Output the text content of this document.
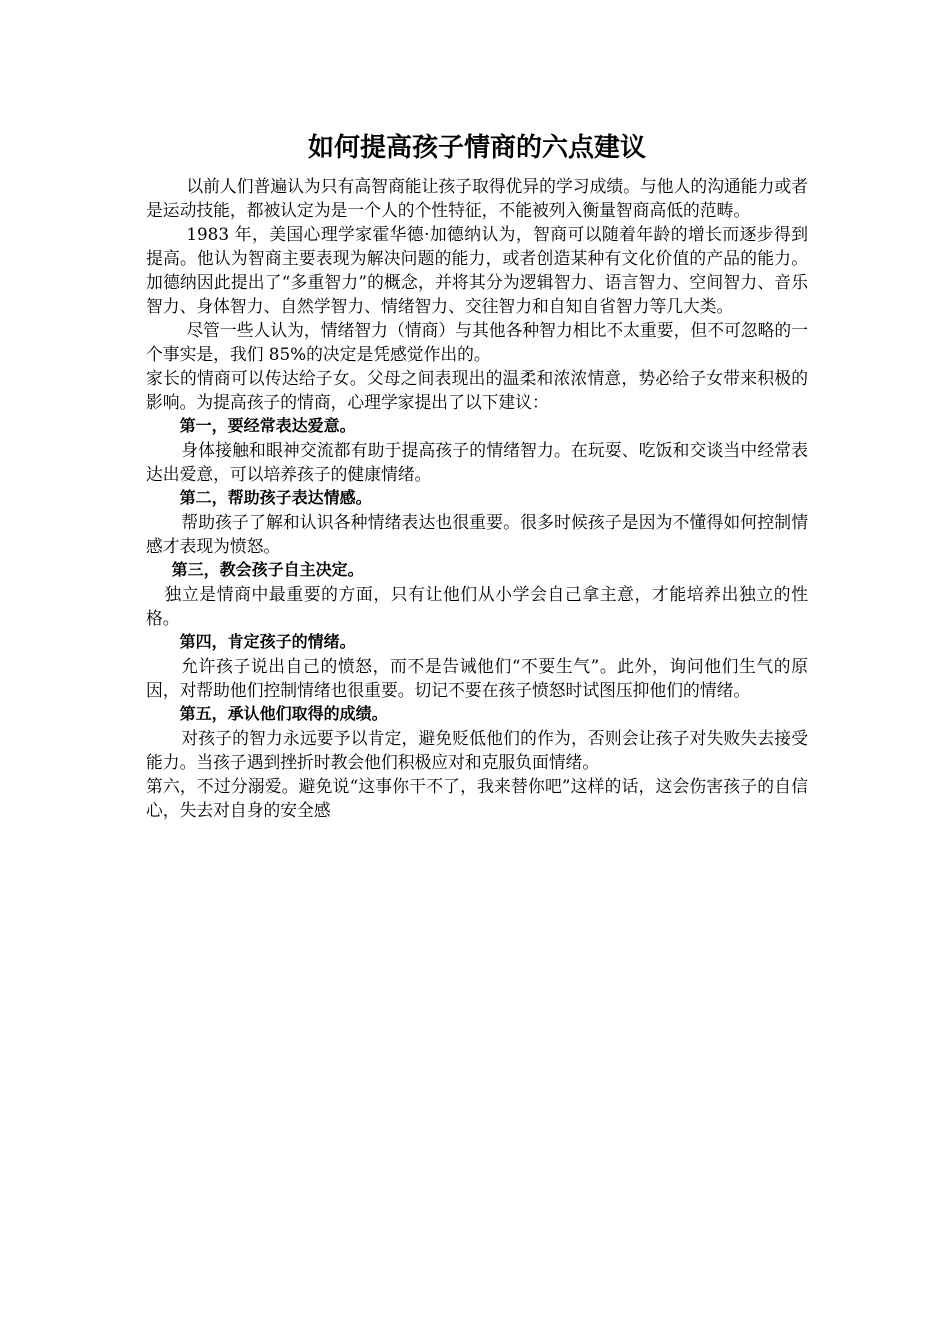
如何提高孩子情商的六点建议

以前人们普遍认为只有高智商能让孩子取得优异的学习成绩。与他人的沟通能力或者是运动技能，都被认定为是一个人的个性特征，不能被列入衡量智商高低的范畴。

1983 年，美国心理学家霍华德·加德纳认为，智商可以随着年龄的增长而逐步得到提高。他认为智商主要表现为解决问题的能力，或者创造某种有文化价值的产品的能力。加德纳因此提出了“多重智力”的概念，并将其分为逻辑智力、语言智力、空间智力、音乐智力、身体智力、自然学智力、情绪智力、交往智力和自知自省智力等几大类。

尽管一些人认为，情绪智力（情商）与其他各种智力相比不太重要，但不可忽略的一个事实是，我们 85%的决定是凭感觉作出的。

家长的情商可以传达给子女。父母之间表现出的温柔和浓浓情意，势必给子女带来积极的影响。为提高孩子的情商，心理学家提出了以下建议：

第一，要经常表达爱意。

身体接触和眼神交流都有助于提高孩子的情绪智力。在玩耍、吃饭和交谈当中经常表达出爱意，可以培养孩子的健康情绪。

第二，帮助孩子表达情感。

帮助孩子了解和认识各种情绪表达也很重要。很多时候孩子是因为不懂得如何控制情感才表现为愤怒。

第三，教会孩子自主决定。

独立是情商中最重要的方面，只有让他们从小学会自己拿主意，才能培养出独立的性格。

第四，肯定孩子的情绪。

允许孩子说出自己的愤怒，而不是告诫他们“不要生气”。此外，询问他们生气的原因，对帮助他们控制情绪也很重要。切记不要在孩子愤怒时试图压抑他们的情绪。

第五，承认他们取得的成绩。

对孩子的智力永远要予以肯定，避免贬低他们的作为，否则会让孩子对失败失去接受能力。当孩子遇到挫折时教会他们积极应对和克服负面情绪。

第六，不过分溺爱。避免说“这事你干不了，我来替你吧”这样的话，这会伤害孩子的自信心，失去对自身的安全感
